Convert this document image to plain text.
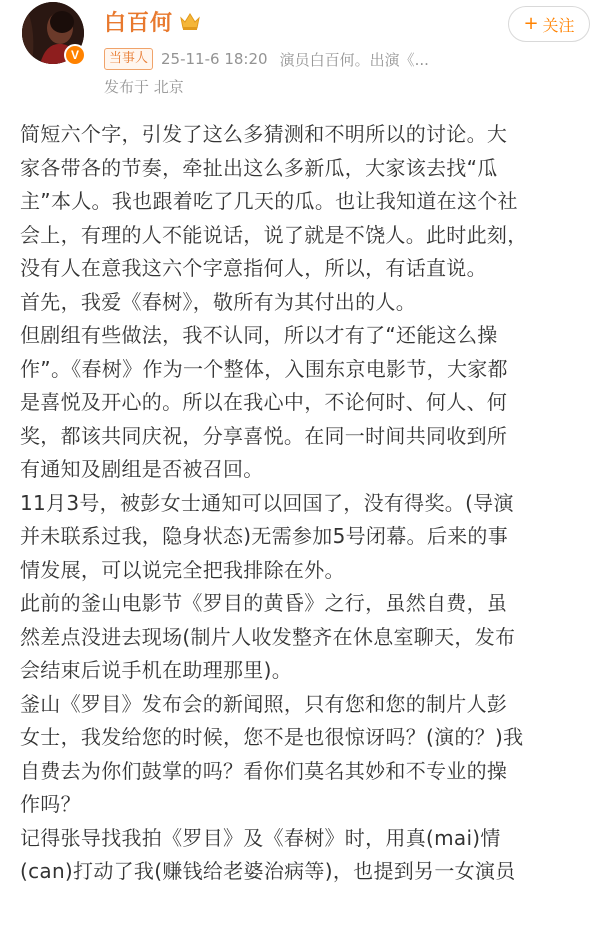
V
白百何	+ 关注
当事人 25-11-6 18:20 演员白百何。出演《...
发布于 北京
简短六个字，引发了这么多猜测和不明所以的讨论。大
家各带各的节奏，牵扯出这么多新瓜，大家该去找“瓜
主”本人。我也跟着吃了几天的瓜。也让我知道在这个社
会上，有理的人不能说话，说了就是不饶人。此时此刻，
没有人在意我这六个字意指何人，所以，有话直说。
首先，我爱《春树》，敬所有为其付出的人。
但剧组有些做法，我不认同，所以才有了“还能这么操
作”。《春树》作为一个整体，入围东京电影节，大家都
是喜悦及开心的。所以在我心中，不论何时、何人、何
奖，都该共同庆祝，分享喜悦。在同一时间共同收到所
有通知及剧组是否被召回。
11月3号，被彭女士通知可以回国了，没有得奖。(导演
并未联系过我，隐身状态)无需参加5号闭幕。后来的事
情发展，可以说完全把我排除在外。
此前的釜山电影节《罗目的黄昏》之行，虽然自费，虽
然差点没进去现场(制片人收发整齐在休息室聊天，发布
会结束后说手机在助理那里)。
釜山《罗目》发布会的新闻照，只有您和您的制片人彭
女士，我发给您的时候，您不是也很惊讶吗？(演的？)我
自费去为你们鼓掌的吗？看你们莫名其妙和不专业的操
作吗？
记得张导找我拍《罗目》及《春树》时，用真(mai)情
(can)打动了我(赚钱给老婆治病等)，也提到另一女演员
